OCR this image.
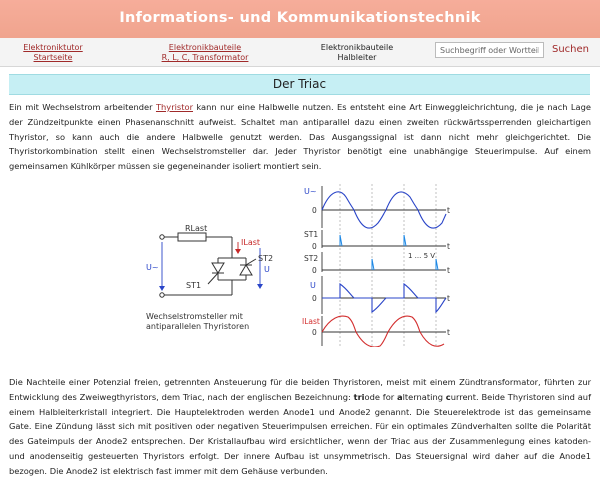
Informations- und Kommunikationstechnik
Elektroniktutor
Startseite
Elektronikbauteile
R, L, C, Transformator
Elektronikbauteile
Halbleiter
Suchbegriff oder Wortteil
Suchen
Der Triac

Ein mit Wechselstrom arbeitender Thyristor kann nur eine Halbwelle nutzen. Es entsteht eine Art Einweggleichrichtung, die je nach Lage der Zündzeitpunkte einen Phasenanschnitt aufweist. Schaltet man antiparallel dazu einen zweiten rückwärtssperrenden gleichartigen Thyristor, so kann auch die andere Halbwelle genutzt werden. Das Ausgangssignal ist dann nicht mehr gleichgerichtet. Die Thyristorkombination stellt einen Wechselstromsteller dar. Jeder Thyristor benötigt eine unabhängige Steuerimpulse. Auf einem gemeinsamen Kühlkörper müssen sie gegeneinander isoliert montiert sein.

RLast
ILast
U~	U
ST1
ST2
Wechselstromsteller mit
antiparallelen Thyristoren
U~
0	t
ST1
0	t
ST2	1 ... 5 V
0	t
U
0	t
ILast
0	t

Die Nachteile einer Potenzial freien, getrennten Ansteuerung für die beiden Thyristoren, meist mit einem Zündtransformator, führten zur Entwicklung des Zweiwegthyristors, dem Triac, nach der englischen Bezeichnung: triode for alternating current. Beide Thyristoren sind auf einem Halbleiterkristall integriert. Die Hauptelektroden werden Anode1 und Anode2 genannt. Die Steuerelektrode ist das gemeinsame Gate. Eine Zündung lässt sich mit positiven oder negativen Steuerimpulsen erreichen. Für ein optimales Zündverhalten sollte die Polarität des Gateimpuls der Anode2 entsprechen. Der Kristallaufbau wird ersichtlicher, wenn der Triac aus der Zusammenlegung eines katoden- und anodenseitig gesteuerten Thyristors erfolgt. Der innere Aufbau ist unsymmetrisch. Das Steuersignal wird daher auf die Anode1 bezogen. Die Anode2 ist elektrisch fast immer mit dem Gehäuse verbunden.
